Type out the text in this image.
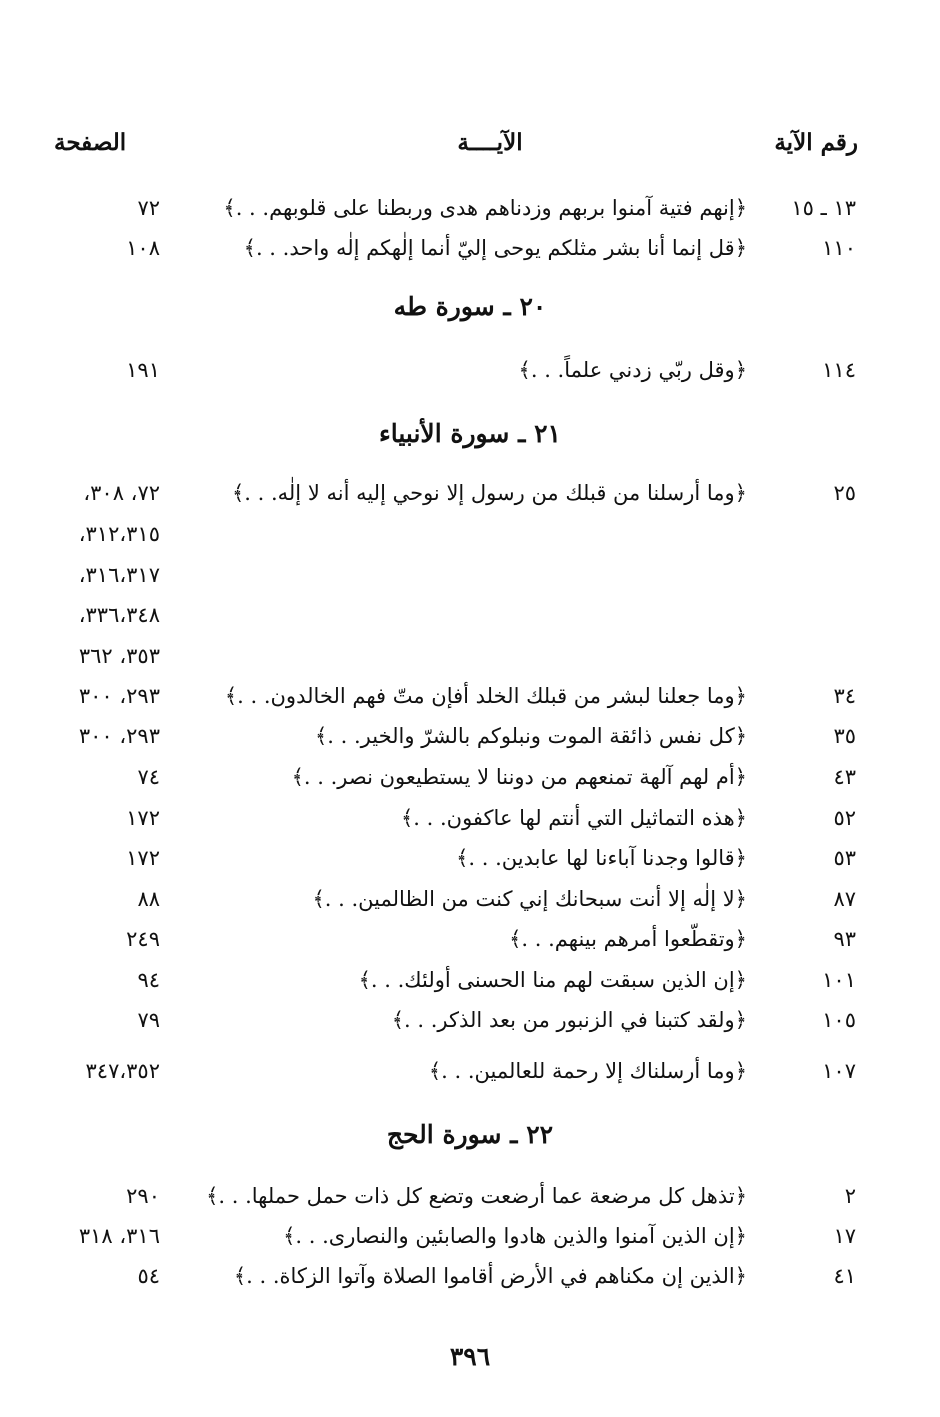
رقم الآية
الآيــــة
الصفحة
١٣ ـ ١٥
﴿إنهم فتية آمنوا بربهم وزدناهم هدى وربطنا على قلوبهم. . .﴾
٧٢
١١٠
﴿قل إنما أنا بشر مثلكم يوحى إليّ أنما إلٰهكم إلٰه واحد. . .﴾
١٠٨
٢٠ ـ سورة طه
١١٤
﴿وقل ربّي زدني علماً. . .﴾
١٩١
٢١ ـ سورة الأنبياء
٢٥
﴿وما أرسلنا من قبلك من رسول إلا نوحي إليه أنه لا إلٰه. . .﴾
٧٢، ٣٠٨،
٣١٢،٣١٥،
٣١٦،٣١٧،
٣٣٦،٣٤٨،
٣٥٣، ٣٦٢
٣٤
﴿وما جعلنا لبشر من قبلك الخلد أفإن متّ فهم الخالدون. . .﴾
٢٩٣، ٣٠٠
٣٥
﴿كل نفس ذائقة الموت ونبلوكم بالشرّ والخير. . .﴾
٢٩٣، ٣٠٠
٤٣
﴿أم لهم آلهة تمنعهم من دوننا لا يستطيعون نصر. . .﴾
٧٤
٥٢
﴿هذه التماثيل التي أنتم لها عاكفون. . .﴾
١٧٢
٥٣
﴿قالوا وجدنا آباءنا لها عابدين. . .﴾
١٧٢
٨٧
﴿لا إلٰه إلا أنت سبحانك إني كنت من الظالمين. . .﴾
٨٨
٩٣
﴿وتقطّعوا أمرهم بينهم. . .﴾
٢٤٩
١٠١
﴿إن الذين سبقت لهم منا الحسنى أولئك. . .﴾
٩٤
١٠٥
﴿ولقد كتبنا في الزنبور من بعد الذكر. . .﴾
٧٩
١٠٧
﴿وما أرسلناك إلا رحمة للعالمين. . .﴾
٣٤٧،٣٥٢
٢٢ ـ سورة الحج
٢
﴿تذهل كل مرضعة عما أرضعت وتضع كل ذات حمل حملها. . .﴾
٢٩٠
١٧
﴿إن الذين آمنوا والذين هادوا والصابئين والنصارى. . .﴾
٣١٦، ٣١٨
٤١
﴿الذين إن مكناهم في الأرض أقاموا الصلاة وآتوا الزكاة. . .﴾
٥٤
٣٩٦
